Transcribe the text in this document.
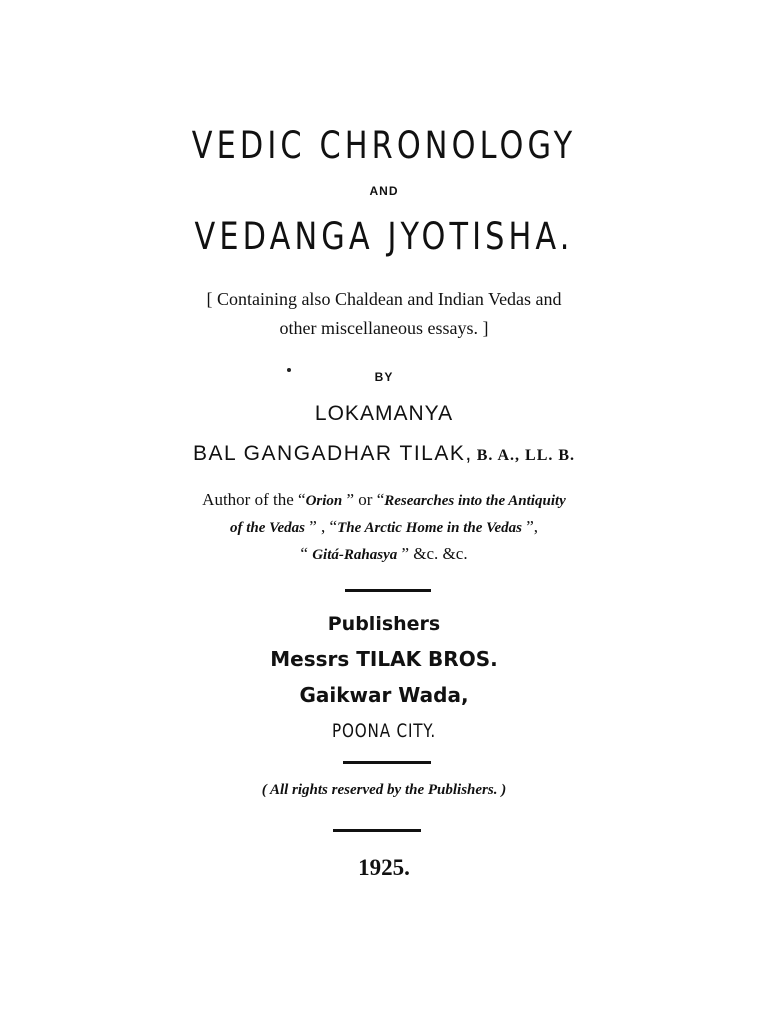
VEDIC CHRONOLOGY
AND
VEDANGA JYOTISHA.
[ Containing also Chaldean and Indian Vedas and
other miscellaneous essays. ]
BY
LOKAMANYA
BAL GANGADHAR TILAK, B. A., LL. B.
Author of the “Orion ” or “Researches into the Antiquity
of the Vedas ” , “The Arctic Home in the Vedas ”,
“ Gitá-Rahasya ” &c. &c.
Publishers
Messrs TILAK BROS.
Gaikwar Wada,
POONA CITY.
( All rights reserved by the Publishers. )
1925.
